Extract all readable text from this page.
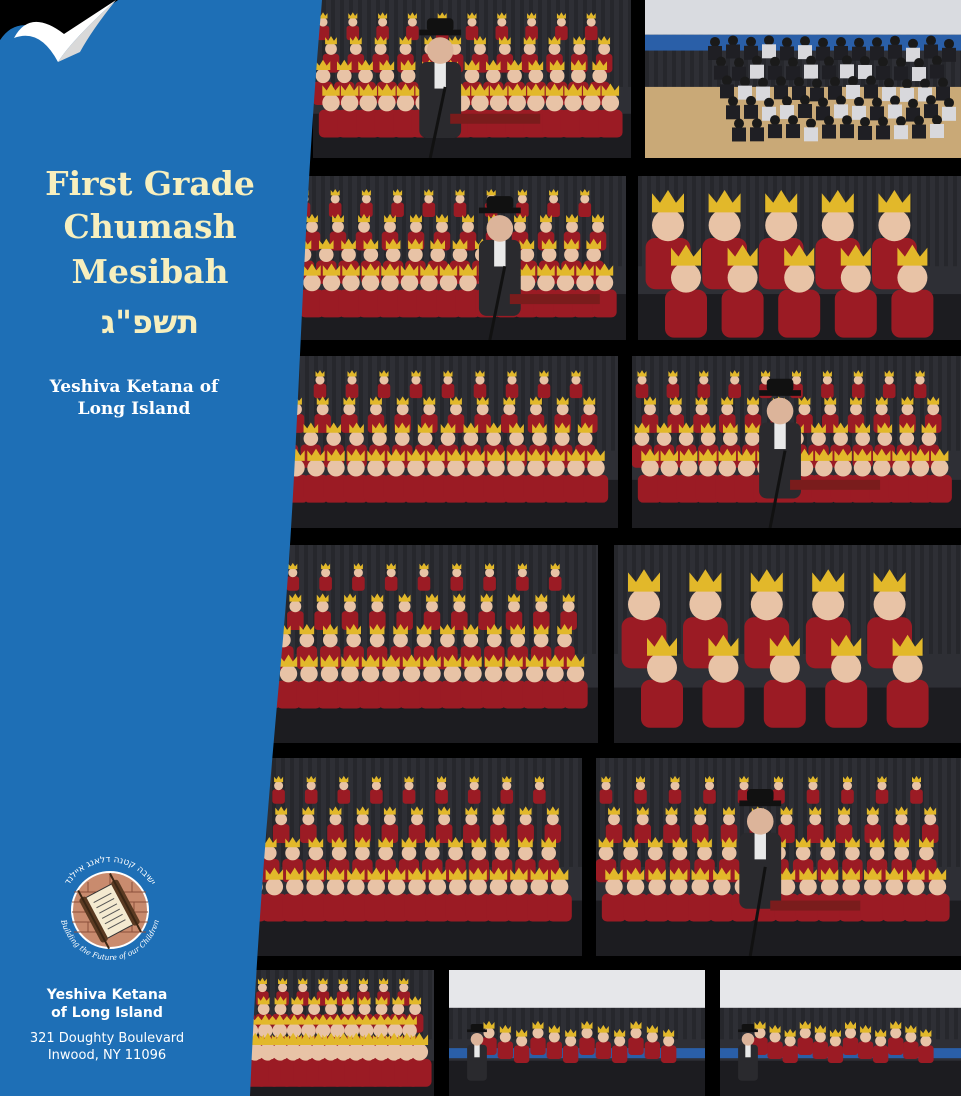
First Grade
Chumash
Mesibah
תשפ"ג
Yeshiva Ketana of
Long Island
ישיבה קטנה דלאנג איילנד
Building the Future of our Children
Yeshiva Ketana
of Long Island
321 Doughty Boulevard
Inwood, NY 11096
